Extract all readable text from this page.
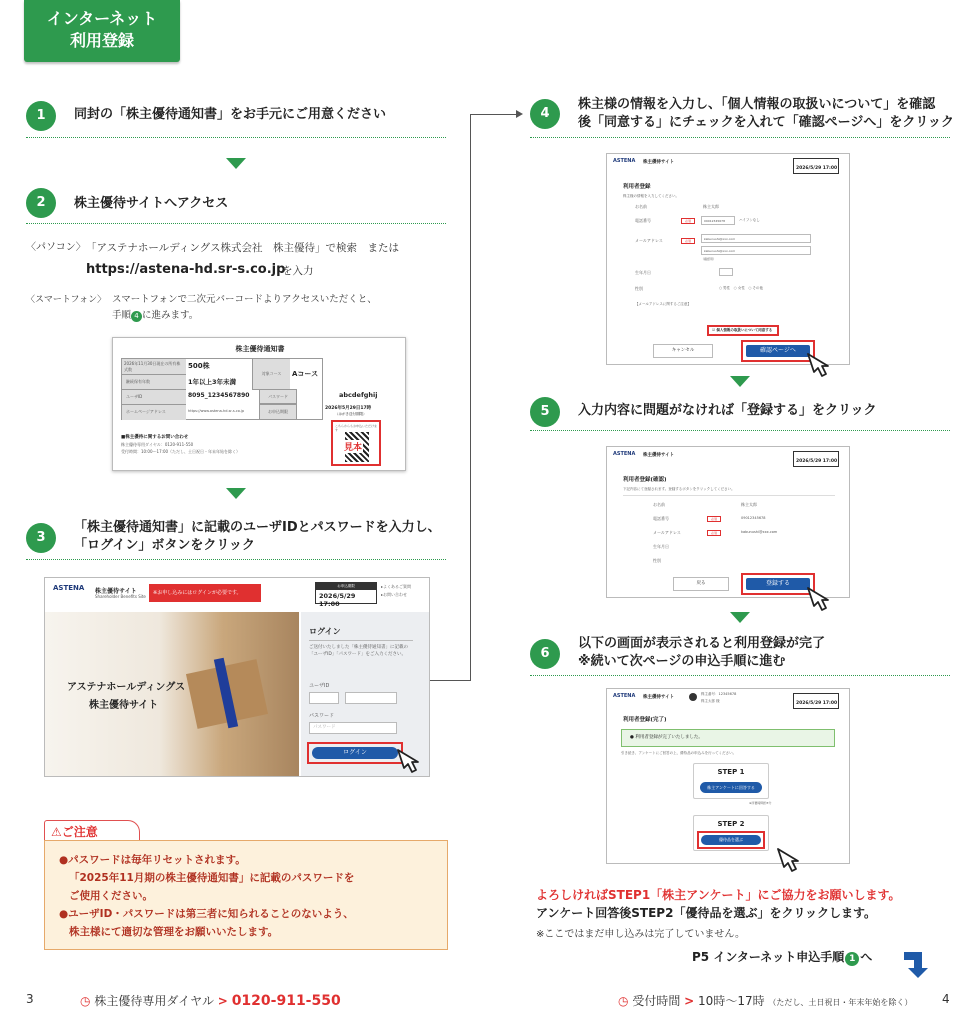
インターネット
利用登録
1	同封の「株主優待通知書」をお手元にご用意ください
2	株主優待サイトへアクセス
〈パソコン〉 「アステナホールディングス株式会社　株主優待」で検索　または
https://astena-hd.sr-s.co.jp
を入力
〈スマートフォン〉 スマートフォンで二次元バーコードよりアクセスいただくと、
手順 4 に進みます。
株主優待通知書
2026年11月30日現在の所有株式数	500株
継続保有年数	1年以上3年未満
ユーザID	8095_1234567890
ホームページアドレス	https://www.astena-hd.sr-s.co.jp
対象コース	Aコース
パスワード	abcdefghij
お申込期限
2026年5月29日17時
（はがき送付期限）
■株主優待に関するお問い合わせ
株主優待専用ダイヤル：0120-911-550
受付時間：10:00〜17:00（ただし、土日祝日・年末年始を除く）
こちらからもお申込いただけます
見本
3
「株主優待通知書」に記載のユーザIDとパスワードを入力し、
「ログイン」ボタンをクリック
ASTENA 株主優待サイト
Shareholder Benefits Site
※お申し込みにはログインが必要です。
お申込期限
2026/5/29 17:00
▸よくあるご質問
▸お問い合わせ
アステナホールディングス
株主優待サイト
ログイン
ご送付いたしました「株主優待通知書」に記載の「ユーザID」「パスワード」をご入力ください。
ユーザID
パスワード
パスワード
ログイン
4
株主様の情報を入力し、「個人情報の取扱いについて」を確認
後「同意する」にチェックを入れて「確認ページへ」をクリック
ASTENA 株主優待サイト
2026/5/29 17:00
利用者登録
株主様の情報を入力してください。
お名前	株主太郎
電話番号	必須	09012345678	ハイフンなし
メールアドレス	必須	kabunushi@xxx.com
kabunushi@xxx.com
（確認用）
生年月日
性別	○ 男性　○ 女性　○ その他
【メールアドレスに関するご注意】
☑ 個人情報の取扱いについて同意する
キャンセル	確認ページへ
5	入力内容に問題がなければ「登録する」をクリック
ASTENA 株主優待サイト
2026/5/29 17:00
利用者登録(確認)
下記内容にて登録されます。登録するボタンをクリックしてください。
お名前	株主太郎
電話番号	必須	09012345678
メールアドレス	必須	kabunushi@xxx.com
生年月日
性別
戻る	登録する
6
以下の画面が表示されると利用登録が完了
※続いて次ページの申込手順に進む
ASTENA 株主優待サイト
株主番号：12345678
株主太郎 様	2026/5/29 17:00
利用者登録(完了)
● 利用者登録が完了いたしました。
引き続き、アンケートにご回答の上、優待品の申込みを行ってください。
STEP 1
株主アンケートに回答する
※所要時間約3分
STEP 2
優待品を選ぶ
よろしければSTEP1「株主アンケート」にご協力をお願いします。
アンケート回答後STEP2「優待品を選ぶ」をクリックします。
※ここではまだ申し込みは完了していません。
P5 インターネット申込手順 1 へ
⚠ご注意
●パスワードは毎年リセットされます。
「2025年11月期の株主優待通知書」に記載のパスワードを
ご使用ください。
●ユーザID・パスワードは第三者に知られることのないよう、
株主様にて適切な管理をお願いいたします。
3	◷ 株主優待専用ダイヤル > 0120-911-550	◷ 受付時間 > 10時〜17時 （ただし、土日祝日・年末年始を除く） 4
